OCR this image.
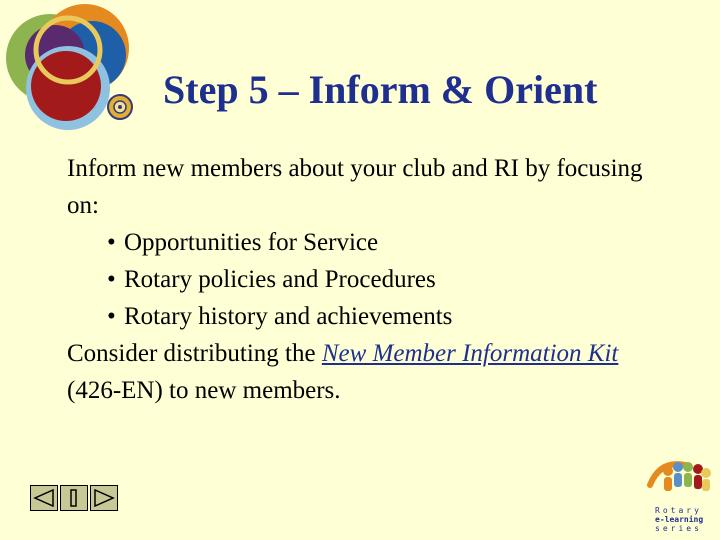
Step 5 – Inform & Orient

Inform new members about your club and RI by focusing on:

• Opportunities for Service
• Rotary policies and Procedures
• Rotary history and achievements

Consider distributing the New Member Information Kit (426-EN) to new members.

Rotary
e-learning
series
